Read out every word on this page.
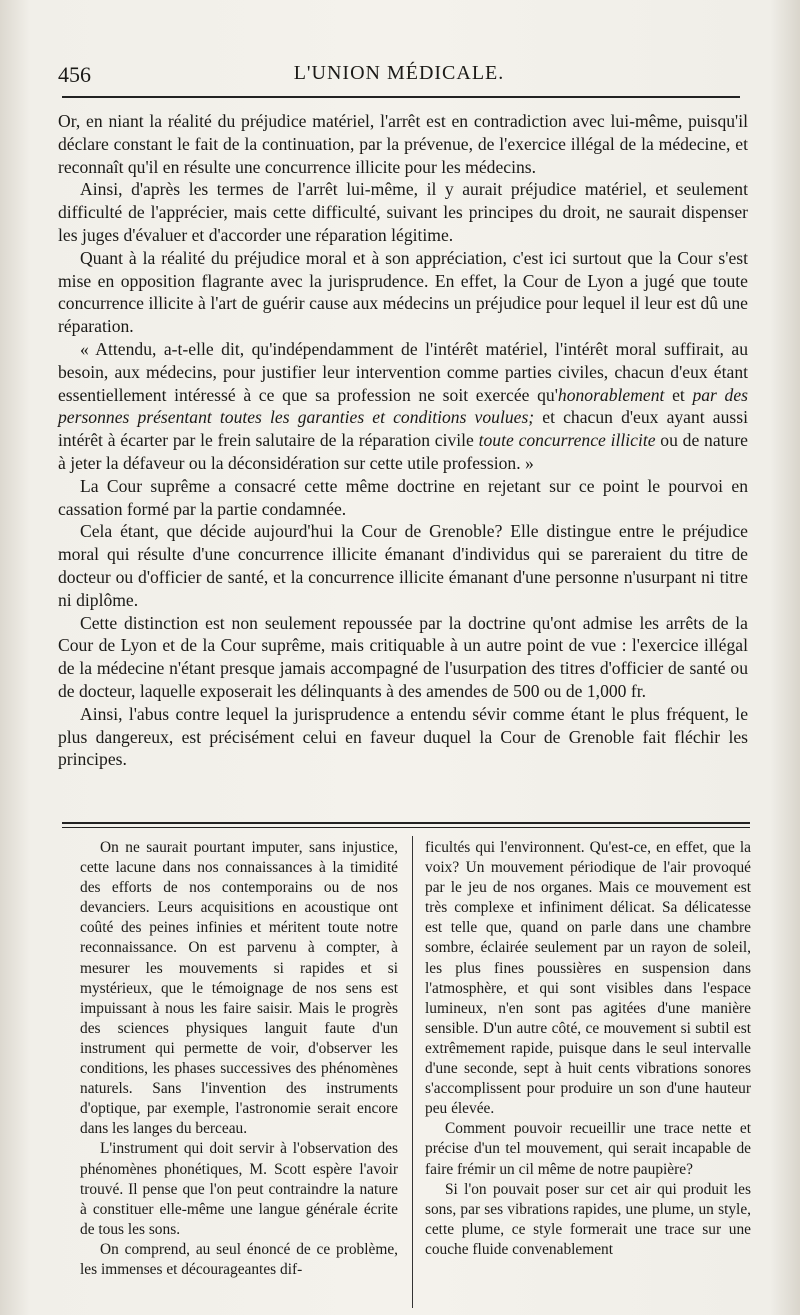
456	L'UNION MÉDICALE.

Or, en niant la réalité du préjudice matériel, l'arrêt est en contradiction avec lui-même, puisqu'il déclare constant le fait de la continuation, par la prévenue, de l'exercice illégal de la médecine, et reconnaît qu'il en résulte une concurrence illicite pour les médecins.

Ainsi, d'après les termes de l'arrêt lui-même, il y aurait préjudice matériel, et seulement difficulté de l'apprécier, mais cette difficulté, suivant les principes du droit, ne saurait dispenser les juges d'évaluer et d'accorder une réparation légitime.

Quant à la réalité du préjudice moral et à son appréciation, c'est ici surtout que la Cour s'est mise en opposition flagrante avec la jurisprudence. En effet, la Cour de Lyon a jugé que toute concurrence illicite à l'art de guérir cause aux médecins un préjudice pour lequel il leur est dû une réparation.

« Attendu, a-t-elle dit, qu'indépendamment de l'intérêt matériel, l'intérêt moral suffirait, au besoin, aux médecins, pour justifier leur intervention comme parties civiles, chacun d'eux étant essentiellement intéressé à ce que sa profession ne soit exercée qu'honorablement et par des personnes présentant toutes les garanties et conditions voulues; et chacun d'eux ayant aussi intérêt à écarter par le frein salutaire de la réparation civile toute concurrence illicite ou de nature à jeter la défaveur ou la déconsidération sur cette utile profession. »

La Cour suprême a consacré cette même doctrine en rejetant sur ce point le pourvoi en cassation formé par la partie condamnée.

Cela étant, que décide aujourd'hui la Cour de Grenoble? Elle distingue entre le préjudice moral qui résulte d'une concurrence illicite émanant d'individus qui se pareraient du titre de docteur ou d'officier de santé, et la concurrence illicite émanant d'une personne n'usurpant ni titre ni diplôme.

Cette distinction est non seulement repoussée par la doctrine qu'ont admise les arrêts de la Cour de Lyon et de la Cour suprême, mais critiquable à un autre point de vue : l'exercice illégal de la médecine n'étant presque jamais accompagné de l'usurpation des titres d'officier de santé ou de docteur, laquelle exposerait les délinquants à des amendes de 500 ou de 1,000 fr.

Ainsi, l'abus contre lequel la jurisprudence a entendu sévir comme étant le plus fréquent, le plus dangereux, est précisément celui en faveur duquel la Cour de Grenoble fait fléchir les principes.

On ne saurait pourtant imputer, sans injustice, cette lacune dans nos connaissances à la timidité des efforts de nos contemporains ou de nos devanciers. Leurs acquisitions en acoustique ont coûté des peines infinies et méritent toute notre reconnaissance. On est parvenu à compter, à mesurer les mouvements si rapides et si mystérieux, que le témoignage de nos sens est impuissant à nous les faire saisir. Mais le progrès des sciences physiques languit faute d'un instrument qui permette de voir, d'observer les conditions, les phases successives des phénomènes naturels. Sans l'invention des instruments d'optique, par exemple, l'astronomie serait encore dans les langes du berceau.

L'instrument qui doit servir à l'observation des phénomènes phonétiques, M. Scott espère l'avoir trouvé. Il pense que l'on peut contraindre la nature à constituer elle-même une langue générale écrite de tous les sons.

On comprend, au seul énoncé de ce problème, les immenses et décourageantes dif-

ficultés qui l'environnent. Qu'est-ce, en effet, que la voix? Un mouvement périodique de l'air provoqué par le jeu de nos organes. Mais ce mouvement est très complexe et infiniment délicat. Sa délicatesse est telle que, quand on parle dans une chambre sombre, éclairée seulement par un rayon de soleil, les plus fines poussières en suspension dans l'atmosphère, et qui sont visibles dans l'espace lumineux, n'en sont pas agitées d'une manière sensible. D'un autre côté, ce mouvement si subtil est extrêmement rapide, puisque dans le seul intervalle d'une seconde, sept à huit cents vibrations sonores s'accomplissent pour produire un son d'une hauteur peu élevée.

Comment pouvoir recueillir une trace nette et précise d'un tel mouvement, qui serait incapable de faire frémir un cil même de notre paupière?

Si l'on pouvait poser sur cet air qui produit les sons, par ses vibrations rapides, une plume, un style, cette plume, ce style formerait une trace sur une couche fluide convenablement
